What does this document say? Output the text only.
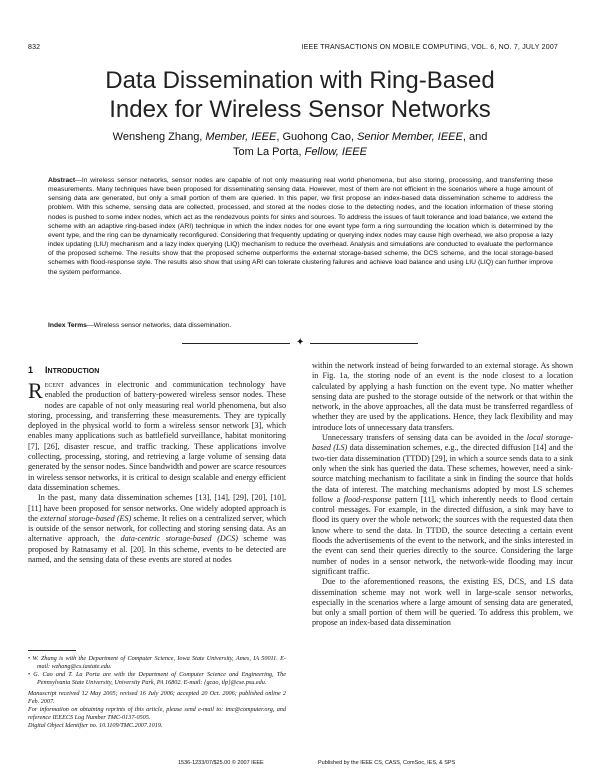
832	IEEE TRANSACTIONS ON MOBILE COMPUTING, VOL. 6, NO. 7, JULY 2007
Data Dissemination with Ring-Based
Index for Wireless Sensor Networks
Wensheng Zhang, Member, IEEE, Guohong Cao, Senior Member, IEEE, and
Tom La Porta, Fellow, IEEE
Abstract—In wireless sensor networks, sensor nodes are capable of not only measuring real world phenomena, but also storing, processing, and transferring these measurements. Many techniques have been proposed for disseminating sensing data. However, most of them are not efficient in the scenarios where a huge amount of sensing data are generated, but only a small portion of them are queried. In this paper, we first propose an index-based data dissemination scheme to address the problem. With this scheme, sensing data are collected, processed, and stored at the nodes close to the detecting nodes, and the location information of these storing nodes is pushed to some index nodes, which act as the rendezvous points for sinks and sources. To address the issues of fault tolerance and load balance, we extend the scheme with an adaptive ring-based index (ARI) technique in which the index nodes for one event type form a ring surrounding the location which is determined by the event type, and the ring can be dynamically reconfigured. Considering that frequently updating or querying index nodes may cause high overhead, we also propose a lazy index updating (LIU) mechanism and a lazy index querying (LIQ) mechanism to reduce the overhead. Analysis and simulations are conducted to evaluate the performance of the proposed scheme. The results show that the proposed scheme outperforms the external storage-based scheme, the DCS scheme, and the local storage-based schemes with flood-response style. The results also show that using ARI can tolerate clustering failures and achieve load balance and using LIU (LIQ) can further improve the system performance.
Index Terms—Wireless sensor networks, data dissemination.
✦
1 INTRODUCTION

Recent advances in electronic and communication technology have enabled the production of battery-powered wireless sensor nodes. These nodes are capable of not only measuring real world phenomena, but also storing, processing, and transferring these measurements. They are typically deployed in the physical world to form a wireless sensor network [3], which enables many applications such as battlefield surveillance, habitat monitoring [7], [26], disaster rescue, and traffic tracking. These applications involve collecting, processing, storing, and retrieving a large volume of sensing data generated by the sensor nodes. Since bandwidth and power are scarce resources in wireless sensor networks, it is critical to design scalable and energy efficient data dissemination schemes.

In the past, many data dissemination schemes [13], [14], [29], [20], [10], [11] have been proposed for sensor networks. One widely adopted approach is the external storage-based (ES) scheme. It relies on a centralized server, which is outside of the sensor network, for collecting and storing sensing data. As an alternative approach, the data-centric storage-based (DCS) scheme was proposed by Ratnasamy et al. [20]. In this scheme, events to be detected are named, and the sensing data of these events are stored at nodes

• W. Zhang is with the Department of Computer Science, Iowa State University, Ames, IA 50011. E-mail: wzhang@cs.iastate.edu.

• G. Cao and T. La Porta are with the Department of Computer Science and Engineering, The Pennsylvania State University, University Park, PA 16802. E-mail: {gcao, tlp}@cse.psu.edu.

Manuscript received 12 May 2005; revised 16 July 2006; accepted 20 Oct. 2006; published online 2 Feb. 2007.

For information on obtaining reprints of this article, please send e-mail to: tmc@computer.org, and reference IEEECS Log Number TMC-0137-0505.

Digital Object Identifier no. 10.1109/TMC.2007.1019.

within the network instead of being forwarded to an external storage. As shown in Fig. 1a, the storing node of an event is the node closest to a location calculated by applying a hash function on the event type. No matter whether sensing data are pushed to the storage outside of the network or that within the network, in the above approaches, all the data must be transferred regardless of whether they are used by the applications. Hence, they lack flexibility and may introduce lots of unnecessary data transfers.

Unnecessary transfers of sensing data can be avoided in the local storage-based (LS) data dissemination schemes, e.g., the directed diffusion [14] and the two-tier data dissemination (TTDD) [29], in which a source sends data to a sink only when the sink has queried the data. These schemes, however, need a sink-source matching mechanism to facilitate a sink in finding the source that holds the data of interest. The matching mechanisms adopted by most LS schemes follow a flood-response pattern [11], which inherently needs to flood certain control messages. For example, in the directed diffusion, a sink may have to flood its query over the whole network; the sources with the requested data then know where to send the data. In TTDD, the source detecting a certain event floods the advertisements of the event to the network, and the sinks interested in the event can send their queries directly to the source. Considering the large number of nodes in a sensor network, the network-wide flooding may incur significant traffic.

Due to the aforementioned reasons, the existing ES, DCS, and LS data dissemination scheme may not work well in large-scale sensor networks, especially in the scenarios where a large amount of sensing data are generated, but only a small portion of them will be queried. To address this problem, we propose an index-based data dissemination

1536-1233/07/$25.00 © 2007 IEEE	Published by the IEEE CS, CASS, ComSoc, IES, & SPS
